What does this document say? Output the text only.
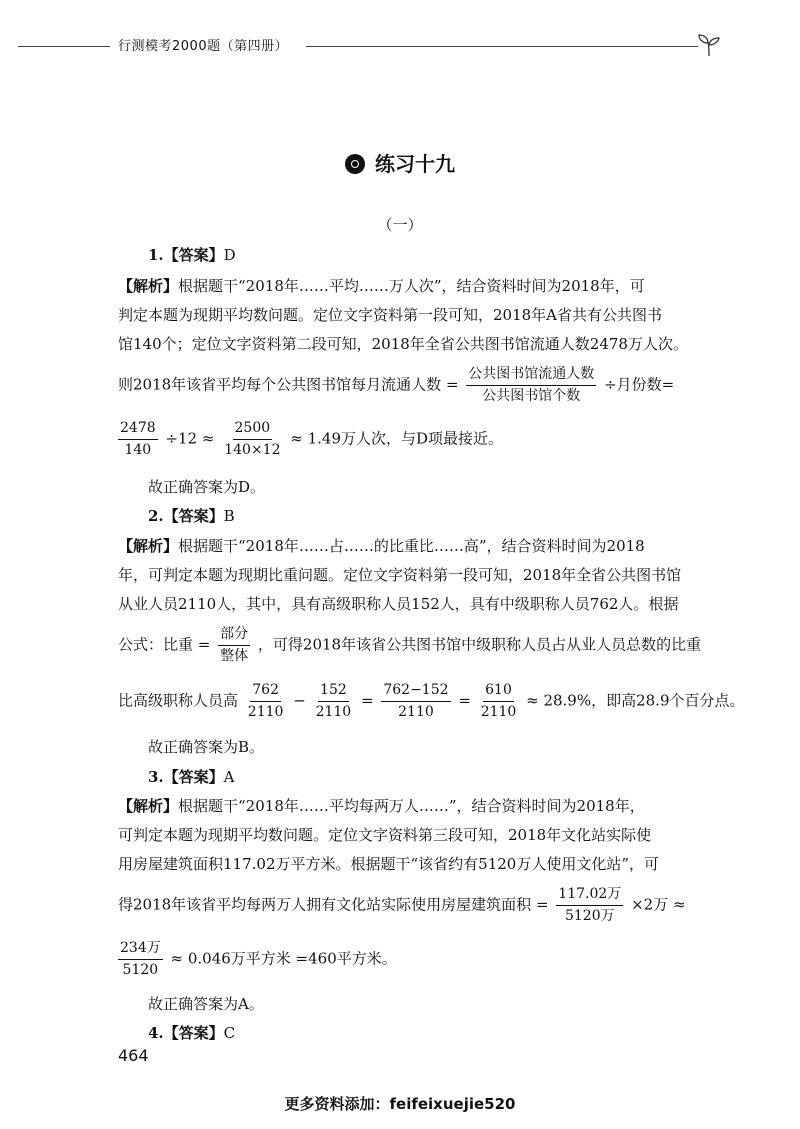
行测模考2000题（第四册）
练习十九
（一）
1.【答案】D
【解析】根据题干“2018年……平均……万人次”，结合资料时间为2018年，可
判定本题为现期平均数问题。定位文字资料第一段可知，2018年A省共有公共图书
馆140个；定位文字资料第二段可知，2018年全省公共图书馆流通人数2478万人次。
则2018年该省平均每个公共图书馆每月流通人数 = $\frac{\text{公共图书馆流通人数}}{\text{公共图书馆个数}}$ ÷月份数=
$\frac{2478}{140} \div 12 \approx \frac{2500}{140\times 12} \approx 1.49$万人次，与D项最接近。
故正确答案为D。
2.【答案】B
【解析】根据题干“2018年……占……的比重比……高”，结合资料时间为2018
年，可判定本题为现期比重问题。定位文字资料第一段可知，2018年全省公共图书馆
从业人员2110人，其中，具有高级职称人员152人，具有中级职称人员762人。根据
公式：比重 = $\frac{\text{部分}}{\text{整体}}$ ，可得2018年该省公共图书馆中级职称人员占从业人员总数的比重
比高级职称人员高 $\frac{762}{2110} - \frac{152}{2110} = \frac{762-152}{2110} = \frac{610}{2110} \approx 28.9\%$，即高28.9个百分点。
故正确答案为B。
3.【答案】A
【解析】根据题干“2018年……平均每两万人……”，结合资料时间为2018年，
可判定本题为现期平均数问题。定位文字资料第三段可知，2018年文化站实际使
用房屋建筑面积117.02万平方米。根据题干“该省约有5120万人使用文化站”，可
得2018年该省平均每两万人拥有文化站实际使用房屋建筑面积 = $\frac{\text{117.02万}}{\text{5120万}} \times 2$万 ≈
$\frac{\text{234万}}{5120} \approx 0.046$万平方米 =460平方米。
故正确答案为A。
4.【答案】C
464
更多资料添加：feifeixuejie520
